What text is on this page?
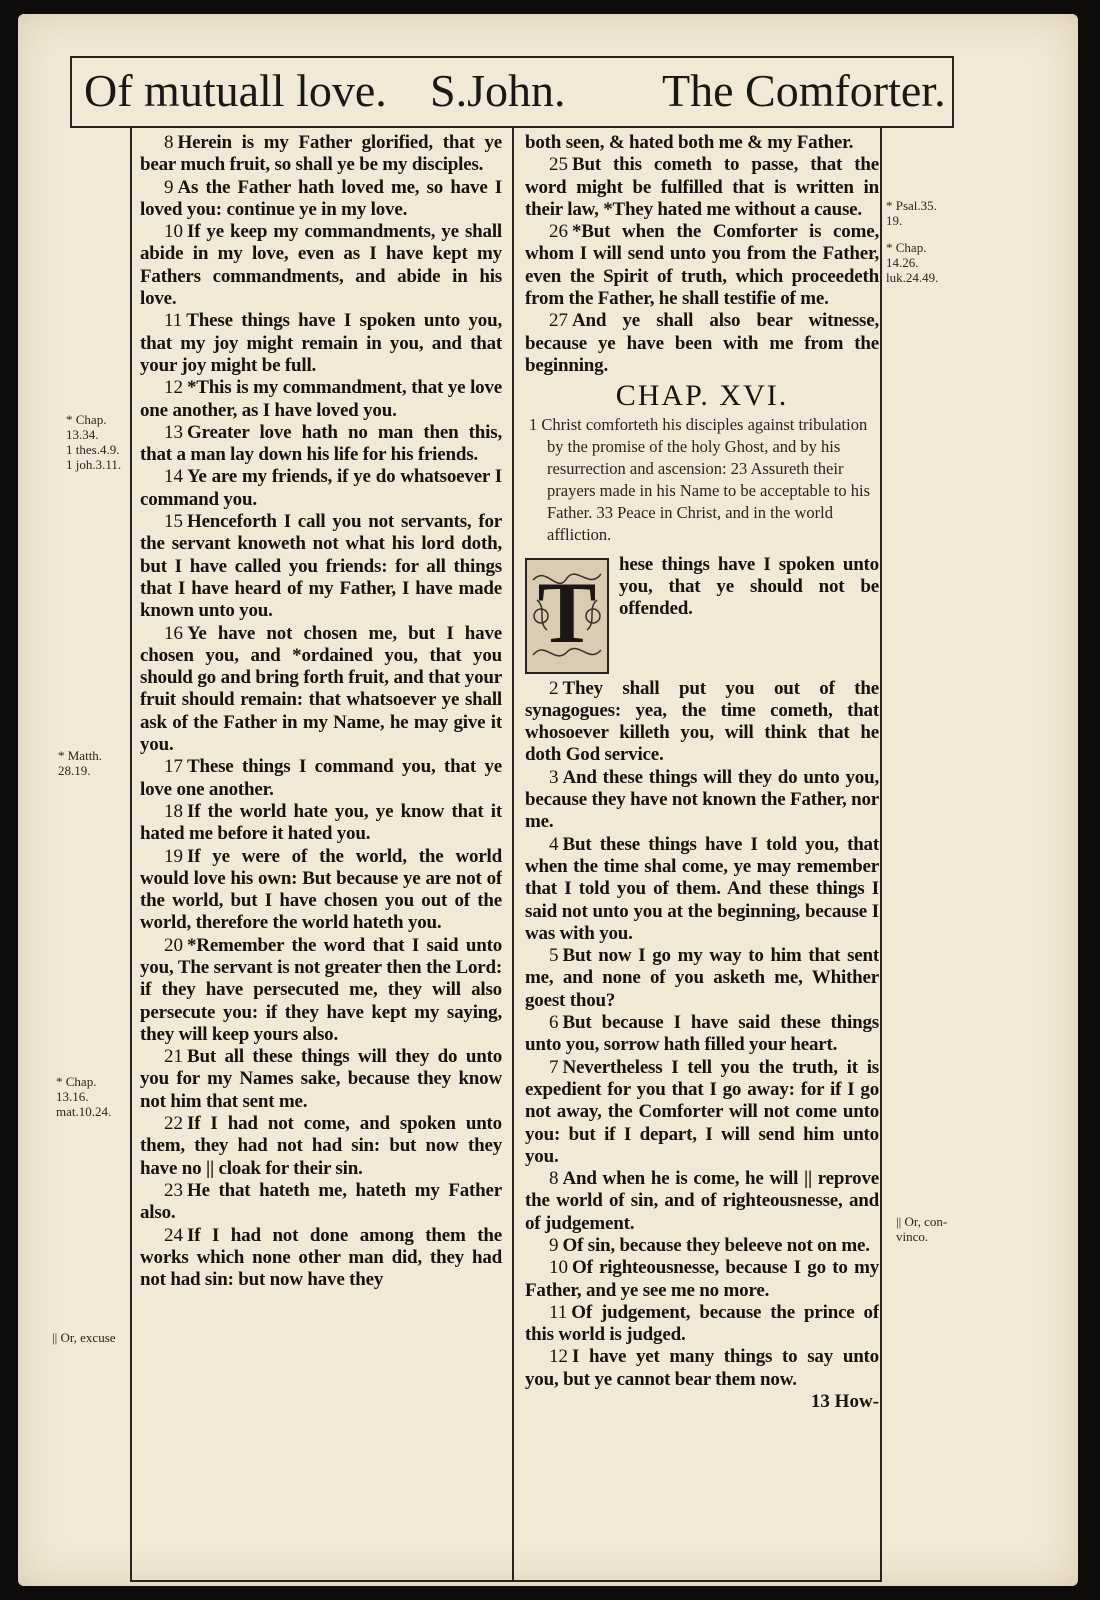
Of mutuall love. S.John. The Comforter.

8 Herein is my Father glorified, that ye bear much fruit, so shall ye be my disciples.

9 As the Father hath loved me, so have I loved you: continue ye in my love.

10 If ye keep my commandments, ye shall abide in my love, even as I have kept my Fathers commandments, and abide in his love.

11 These things have I spoken unto you, that my joy might remain in you, and that your joy might be full.

12 *This is my commandment, that ye love one another, as I have loved you.

13 Greater love hath no man then this, that a man lay down his life for his friends.

14 Ye are my friends, if ye do whatsoever I command you.

15 Henceforth I call you not servants, for the servant knoweth not what his lord doth, but I have called you friends: for all things that I have heard of my Father, I have made known unto you.

16 Ye have not chosen me, but I have chosen you, and *ordained you, that you should go and bring forth fruit, and that your fruit should remain: that whatsoever ye shall ask of the Father in my Name, he may give it you.

17 These things I command you, that ye love one another.

18 If the world hate you, ye know that it hated me before it hated you.

19 If ye were of the world, the world would love his own: But because ye are not of the world, but I have chosen you out of the world, therefore the world hateth you.

20 *Remember the word that I said unto you, The servant is not greater then the Lord: if they have persecuted me, they will also persecute you: if they have kept my saying, they will keep yours also.

21 But all these things will they do unto you for my Names sake, because they know not him that sent me.

22 If I had not come, and spoken unto them, they had not had sin: but now they have no || cloak for their sin.

23 He that hateth me, hateth my Father also.

24 If I had not done among them the works which none other man did, they had not had sin: but now have they

both seen, & hated both me & my Father.

25 But this cometh to passe, that the word might be fulfilled that is written in their law, *They hated me without a cause.

26 *But when the Comforter is come, whom I will send unto you from the Father, even the Spirit of truth, which proceedeth from the Father, he shall testifie of me.

27 And ye shall also bear witnesse, because ye have been with me from the beginning.

CHAP. XVI.

1 Christ comforteth his disciples against tribulation by the promise of the holy Ghost, and by his resurrection and ascension: 23 Assureth their prayers made in his Name to be acceptable to his Father. 33 Peace in Christ, and in the world affliction.

T

hese things have I spoken unto you, that ye should not be offended.

2 They shall put you out of the synagogues: yea, the time cometh, that whosoever killeth you, will think that he doth God service.

3 And these things will they do unto you, because they have not known the Father, nor me.

4 But these things have I told you, that when the time shal come, ye may remember that I told you of them. And these things I said not unto you at the beginning, because I was with you.

5 But now I go my way to him that sent me, and none of you asketh me, Whither goest thou?

6 But because I have said these things unto you, sorrow hath filled your heart.

7 Nevertheless I tell you the truth, it is expedient for you that I go away: for if I go not away, the Comforter will not come unto you: but if I depart, I will send him unto you.

8 And when he is come, he will || reprove the world of sin, and of righteousnesse, and of judgement.

9 Of sin, because they beleeve not on me.

10 Of righteousnesse, because I go to my Father, and ye see me no more.

11 Of judgement, because the prince of this world is judged.

12 I have yet many things to say unto you, but ye cannot bear them now.

13 How-
* Chap.
13.34.
1 thes.4.9.
1 joh.3.11.
* Matth.
28.19.
* Chap.
13.16.
mat.10.24.
|| Or, excuse
* Psal.35.
19.
* Chap.
14.26.
luk.24.49.
|| Or, con-
vinco.
